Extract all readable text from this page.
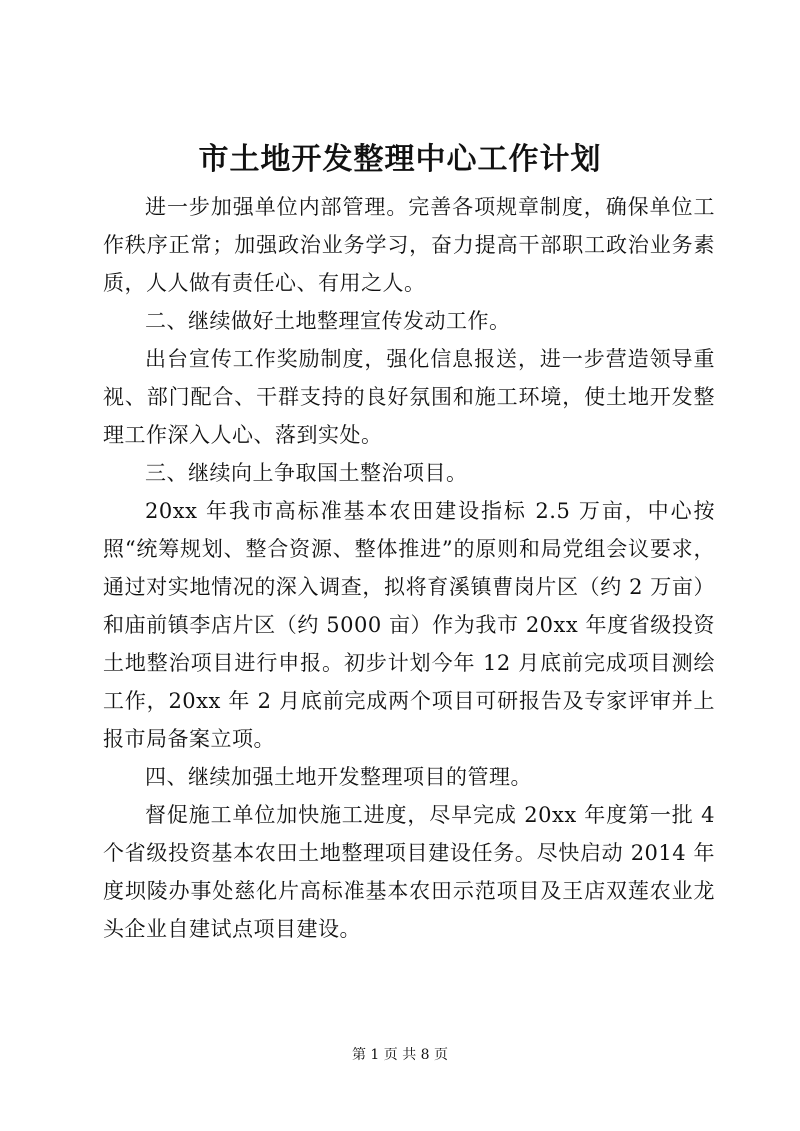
市土地开发整理中心工作计划

进一步加强单位内部管理。完善各项规章制度，确保单位工作秩序正常；加强政治业务学习，奋力提高干部职工政治业务素质，人人做有责任心、有用之人。

二、继续做好土地整理宣传发动工作。

出台宣传工作奖励制度，强化信息报送，进一步营造领导重视、部门配合、干群支持的良好氛围和施工环境，使土地开发整理工作深入人心、落到实处。

三、继续向上争取国土整治项目。

20xx 年我市高标准基本农田建设指标 2.5 万亩，中心按照“统筹规划、整合资源、整体推进”的原则和局党组会议要求，通过对实地情况的深入调查，拟将育溪镇曹岗片区（约 2 万亩）和庙前镇李店片区（约 5000 亩）作为我市 20xx 年度省级投资土地整治项目进行申报。初步计划今年 12 月底前完成项目测绘工作，20xx 年 2 月底前完成两个项目可研报告及专家评审并上报市局备案立项。

四、继续加强土地开发整理项目的管理。

督促施工单位加快施工进度，尽早完成 20xx 年度第一批 4 个省级投资基本农田土地整理项目建设任务。尽快启动 2014 年度坝陵办事处慈化片高标准基本农田示范项目及王店双莲农业龙头企业自建试点项目建设。

第 1 页 共 8 页
